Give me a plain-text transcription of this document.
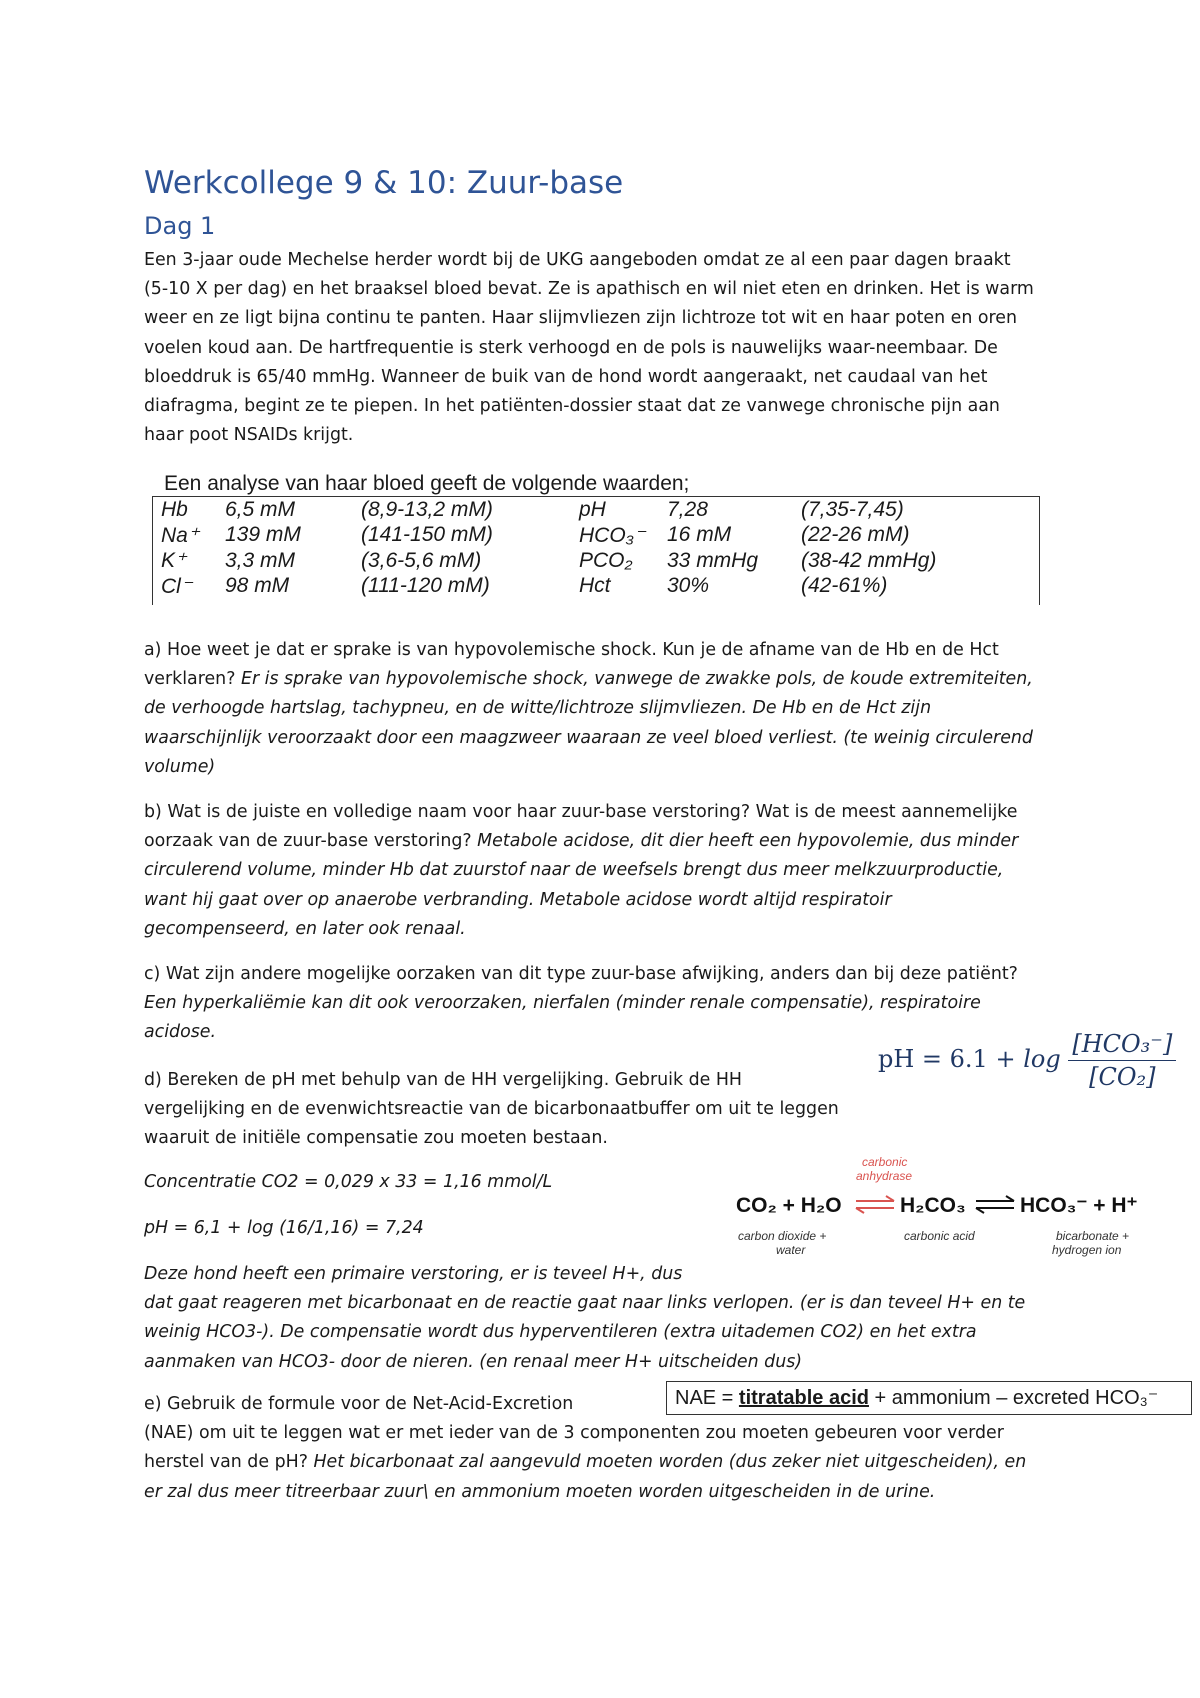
Werkcollege 9 & 10: Zuur-base
Dag 1

Een 3-jaar oude Mechelse herder wordt bij de UKG aangeboden omdat ze al een paar dagen braakt

(5-10 X per dag) en het braaksel bloed bevat. Ze is apathisch en wil niet eten en drinken. Het is warm

weer en ze ligt bijna continu te panten. Haar slijmvliezen zijn lichtroze tot wit en haar poten en oren

voelen koud aan. De hartfrequentie is sterk verhoogd en de pols is nauwelijks waar-neembaar. De

bloeddruk is 65/40 mmHg. Wanneer de buik van de hond wordt aangeraakt, net caudaal van het

diafragma, begint ze te piepen. In het patiënten-dossier staat dat ze vanwege chronische pijn aan

haar poot NSAIDs krijgt.

Een analyse van haar bloed geeft de volgende waarden;
Hb	6,5 mM	(8,9-13,2 mM)	pH	7,28	(7,35-7,45)
Na⁺	139 mM	(141-150 mM)	HCO₃⁻	16 mM	(22-26 mM)
K⁺	3,3 mM	(3,6-5,6 mM)	PCO₂	33 mmHg	(38-42 mmHg)
Cl⁻	98 mM	(111-120 mM)	Hct	30%	(42-61%)

a) Hoe weet je dat er sprake is van hypovolemische shock. Kun je de afname van de Hb en de Hct

verklaren? Er is sprake van hypovolemische shock, vanwege de zwakke pols, de koude extremiteiten,

de verhoogde hartslag, tachypneu, en de witte/lichtroze slijmvliezen. De Hb en de Hct zijn

waarschijnlijk veroorzaakt door een maagzweer waaraan ze veel bloed verliest. (te weinig circulerend

volume)

b) Wat is de juiste en volledige naam voor haar zuur-base verstoring? Wat is de meest aannemelijke

oorzaak van de zuur-base verstoring? Metabole acidose, dit dier heeft een hypovolemie, dus minder

circulerend volume, minder Hb dat zuurstof naar de weefsels brengt dus meer melkzuurproductie,

want hij gaat over op anaerobe verbranding. Metabole acidose wordt altijd respiratoir

gecompenseerd, en later ook renaal.

c) Wat zijn andere mogelijke oorzaken van dit type zuur-base afwijking, anders dan bij deze patiënt?

Een hyperkaliëmie kan dit ook veroorzaken, nierfalen (minder renale compensatie), respiratoire

acidose.

pH = $6.1 + \log \frac{\text{[HCO₃⁻]}}{\text{[CO₂]}}$

d) Bereken de pH met behulp van de HH vergelijking. Gebruik de HH

vergelijking en de evenwichtsreactie van de bicarbonaatbuffer om uit te leggen

waaruit de initiële compensatie zou moeten bestaan.

Concentratie CO2 = 0,029 x 33 = 1,16 mmol/L

pH = 6,1 + log (16/1,16) = 7,24

Deze hond heeft een primaire verstoring, er is teveel H+, dus

dat gaat reageren met bicarbonaat en de reactie gaat naar links verlopen. (er is dan teveel H+ en te

weinig HCO3-). De compensatie wordt dus hyperventileren (extra uitademen CO2) en het extra

aanmaken van HCO3- door de nieren. (en renaal meer H+ uitscheiden dus)

carbonic
anhydrase
CO₂ + H₂O	H₂CO₃	HCO₃⁻ + H⁺
carbon dioxide +
water
carbonic acid	bicarbonate +
hydrogen ion
NAE = titratable acid + ammonium – excreted HCO₃⁻

e) Gebruik de formule voor de Net-Acid-Excretion

(NAE) om uit te leggen wat er met ieder van de 3 componenten zou moeten gebeuren voor verder

herstel van de pH? Het bicarbonaat zal aangevuld moeten worden (dus zeker niet uitgescheiden), en

er zal dus meer titreerbaar zuur\ en ammonium moeten worden uitgescheiden in de urine.
